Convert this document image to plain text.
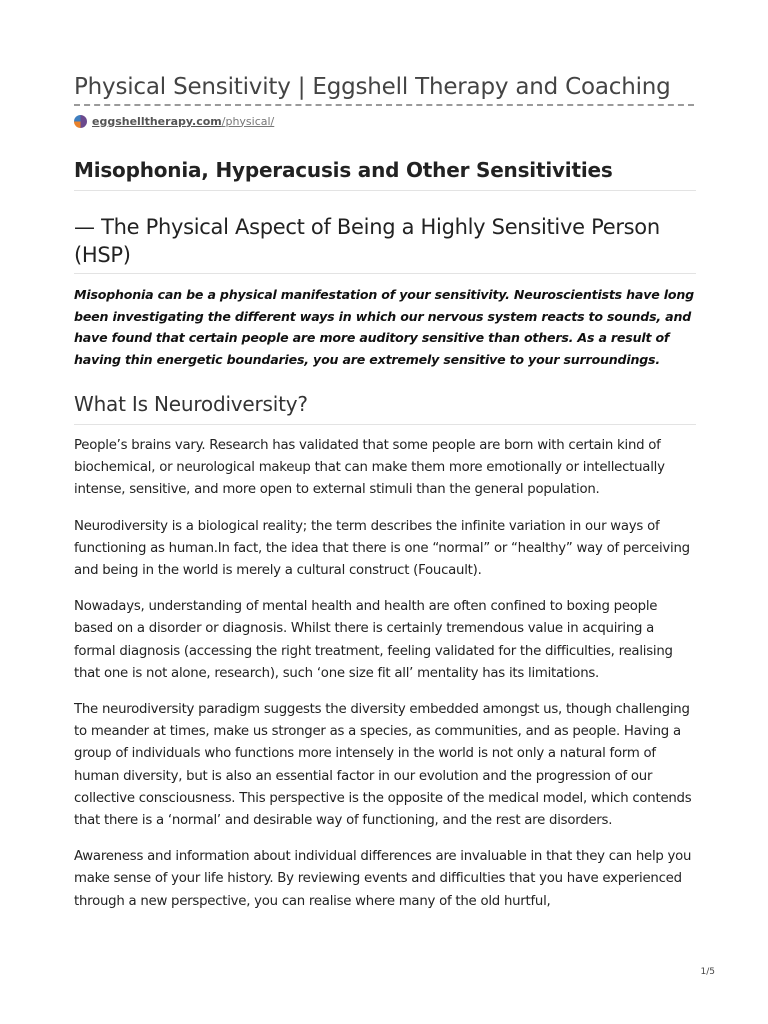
Physical Sensitivity | Eggshell Therapy and Coaching
eggshelltherapy.com /physical/
Misophonia, Hyperacusis and Other Sensitivities
— The Physical Aspect of Being a Highly Sensitive Person (HSP)

Misophonia can be a physical manifestation of your sensitivity. Neuroscientists have long been investigating the different ways in which our nervous system reacts to sounds, and have found that certain people are more auditory sensitive than others. As a result of having thin energetic boundaries, you are extremely sensitive to your surroundings.

What Is Neurodiversity?

People’s brains vary. Research has validated that some people are born with certain kind of biochemical, or neurological makeup that can make them more emotionally or intellectually intense, sensitive, and more open to external stimuli than the general population.

Neurodiversity is a biological reality; the term describes the infinite variation in our ways of functioning as human.In fact, the idea that there is one “normal” or “healthy” way of perceiving and being in the world is merely a cultural construct (Foucault).

Nowadays, understanding of mental health and health are often confined to boxing people based on a disorder or diagnosis. Whilst there is certainly tremendous value in acquiring a formal diagnosis (accessing the right treatment, feeling validated for the difficulties, realising that one is not alone, research), such ‘one size fit all’ mentality has its limitations.

The neurodiversity paradigm suggests the diversity embedded amongst us, though challenging to meander at times, make us stronger as a species, as communities, and as people. Having a group of individuals who functions more intensely in the world is not only a natural form of human diversity, but is also an essential factor in our evolution and the progression of our collective consciousness. This perspective is the opposite of the medical model, which contends that there is a ‘normal’ and desirable way of functioning, and the rest are disorders.

Awareness and information about individual differences are invaluable in that they can help you make sense of your life history. By reviewing events and difficulties that you have experienced through a new perspective, you can realise where many of the old hurtful,

1/5
